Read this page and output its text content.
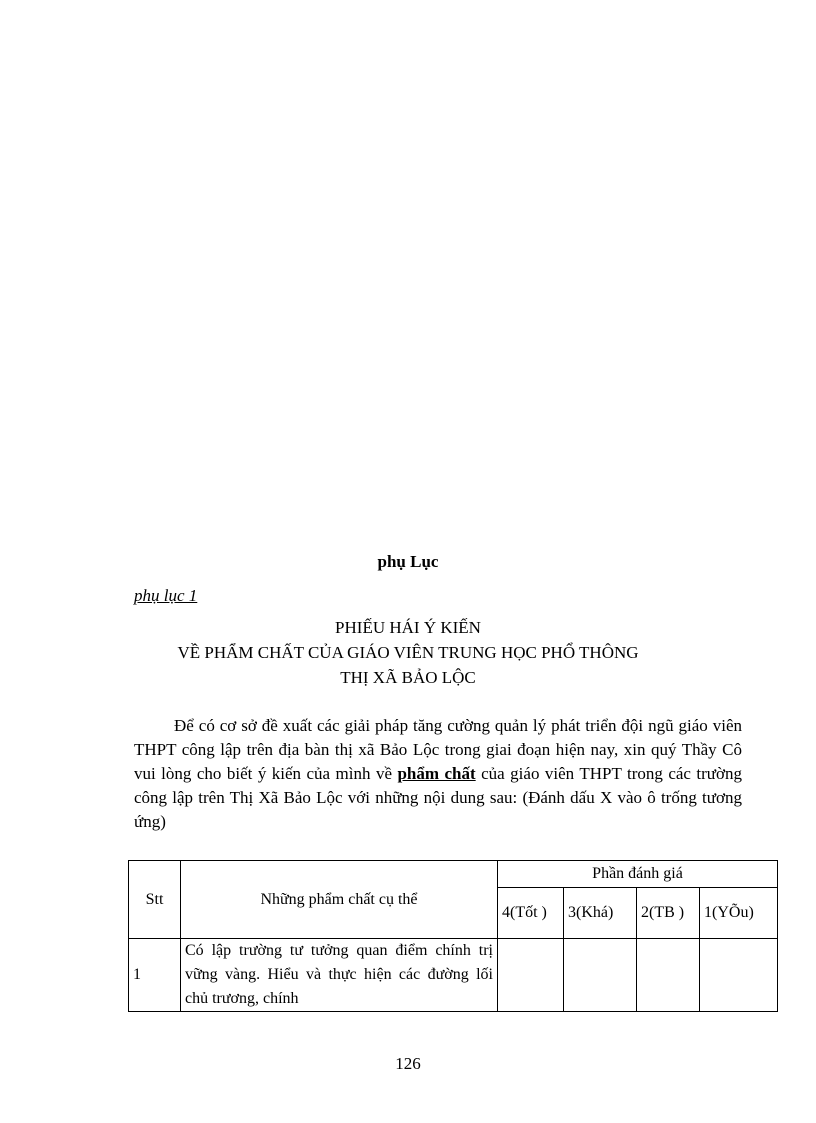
phụ Lục
phụ lục 1
PHIẾU HÁI Ý KIẾN
VỀ PHẨM CHẤT CỦA GIÁO VIÊN TRUNG HỌC PHỔ THÔNG
THỊ XÃ BẢO LỘC

Để có cơ sở đề xuất các giải pháp tăng cường quản lý phát triển đội ngũ giáo viên THPT công lập trên địa bàn thị xã Bảo Lộc trong giai đoạn hiện nay, xin quý Thầy Cô vui lòng cho biết ý kiến của mình về phẩm chất của giáo viên THPT trong các trường công lập trên Thị Xã Bảo Lộc với những nội dung sau: (Đánh dấu X vào ô trống tương ứng)

Stt	Những phẩm chất cụ thể	Phần đánh giá			
		4(Tốt )	3(Khá)	2(TB )	1(YÕu)
1	Có lập trường tư tưởng quan điểm chính trị vững vàng. Hiểu và thực hiện các đường lối chủ trương, chính				
126
